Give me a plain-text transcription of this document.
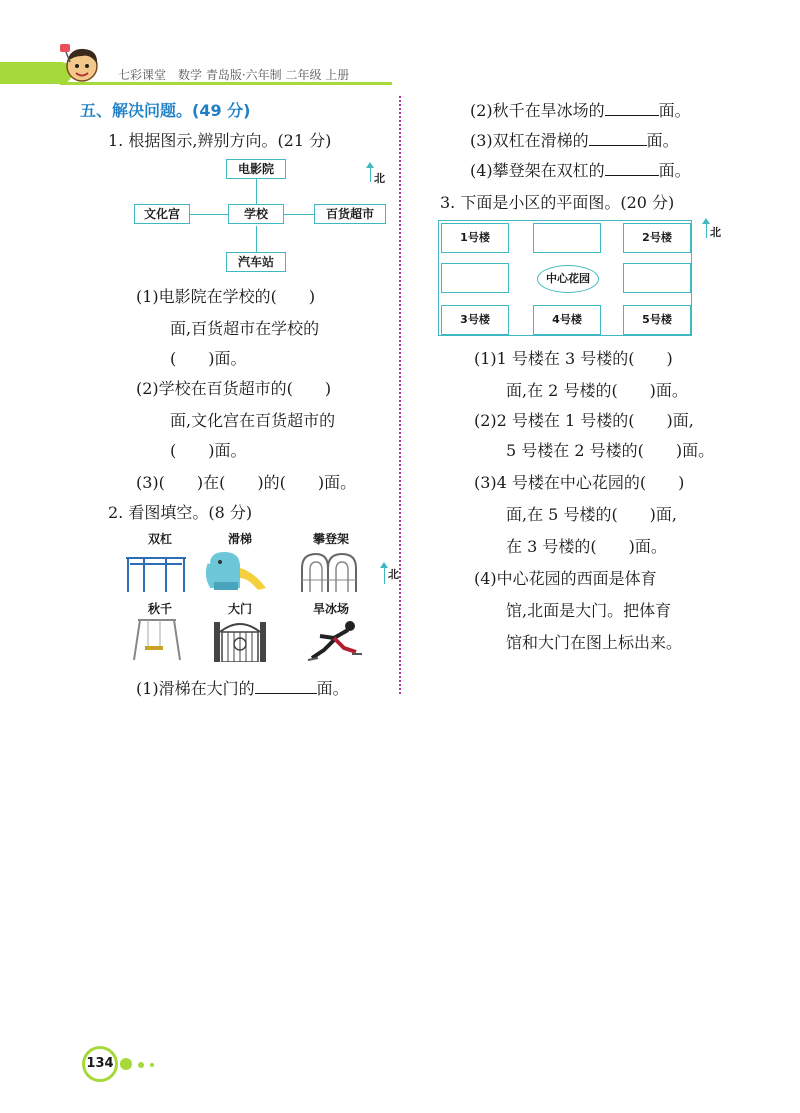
七彩课堂　数学 青岛版·六年制 二年级 上册
五、解决问题。(49 分)
1. 根据图示,辨别方向。(21 分)
电影院
文化宫	学校	百货超市
汽车站
北
(1)电影院在学校的(　　)
面,百货超市在学校的
(　　)面。
(2)学校在百货超市的(　　)
面,文化宫在百货超市的
(　　)面。
(3)(　　)在(　　)的(　　)面。
2. 看图填空。(8 分)
双杠	滑梯	攀登架
北
秋千	大门	旱冰场
(1)滑梯在大门的	面。
(2)秋千在旱冰场的	面。
(3)双杠在滑梯的	面。
(4)攀登架在双杠的	面。
3. 下面是小区的平面图。(20 分)
1号楼	2号楼
中心花园
3号楼	4号楼	5号楼
北
(1)1 号楼在 3 号楼的(　　)
面,在 2 号楼的(　　)面。
(2)2 号楼在 1 号楼的(　　)面,
5 号楼在 2 号楼的(　　)面。
(3)4 号楼在中心花园的(　　)
面,在 5 号楼的(　　)面,
在 3 号楼的(　　)面。
(4)中心花园的西面是体育
馆,北面是大门。把体育
馆和大门在图上标出来。
134
